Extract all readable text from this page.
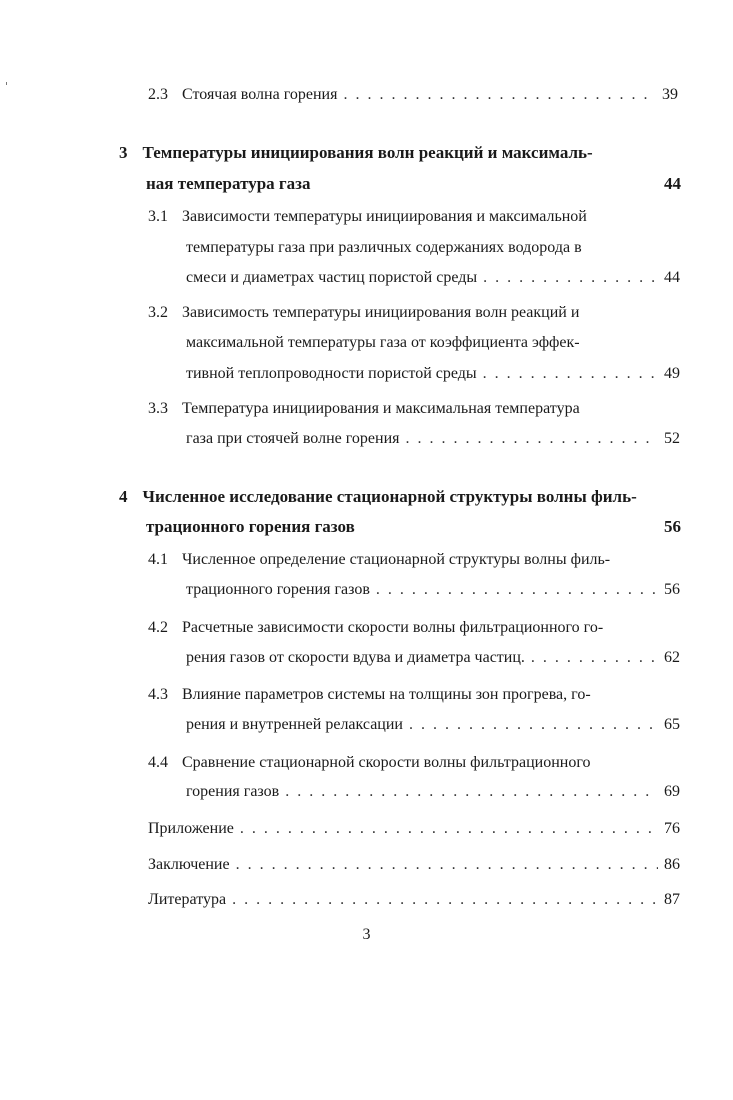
2.3 Стоячая волна горения . . .	39
3 Температуры инициирования волн реакций и максималь-
ная температура газа	44
3.1 Зависимости температуры инициирования и максимальной
температуры газа при различных содержаниях водорода в
смеси и диаметрах частиц пористой среды . . .	44
3.2 Зависимость температуры инициирования волн реакций и
максимальной температуры газа от коэффициента эффек-
тивной теплопроводности пористой среды . . .	49
3.3 Температура инициирования и максимальная температура
газа при стоячей волне горения . . .	52
4 Численное исследование стационарной структуры волны филь-
трационного горения газов	56
4.1 Численное определение стационарной структуры волны филь-
трационного горения газов . . .	56
4.2 Расчетные зависимости скорости волны фильтрационного го-
рения газов от скорости вдува и диаметра частиц. . . .	62
4.3 Влияние параметров системы на толщины зон прогрева, го-
рения и внутренней релаксации . . .	65
4.4 Сравнение стационарной скорости волны фильтрационного
горения газов . . .	69
Приложение . . .	76
Заключение . . .	86
Литература . . .	87
3
